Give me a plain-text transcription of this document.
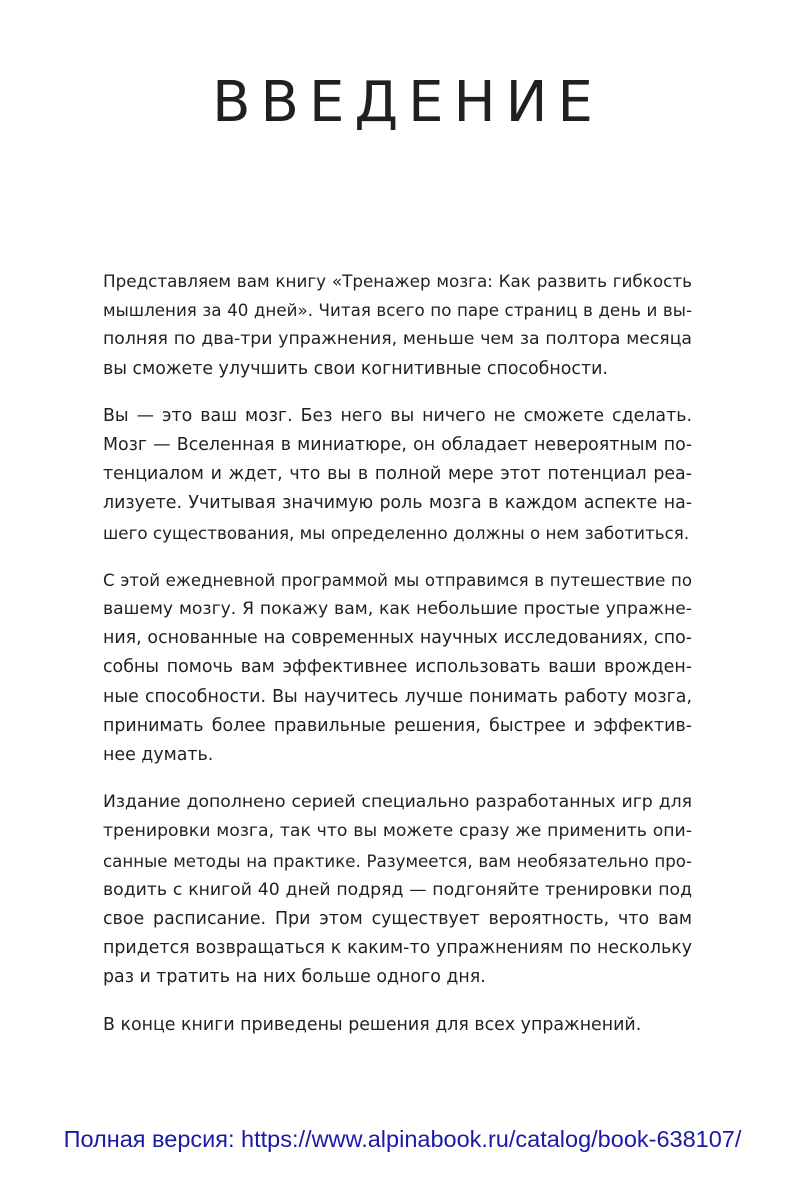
ВВЕДЕНИЕ

Представляем вам книгу «Тренажер мозга: Как развить гибкость
мышления за 40 дней». Читая всего по паре страниц в день и вы-
полняя по два-три упражнения, меньше чем за полтора месяца
вы сможете улучшить свои когнитивные способности.

Вы — это ваш мозг. Без него вы ничего не сможете сделать.
Мозг — Вселенная в миниатюре, он обладает невероятным по-
тенциалом и ждет, что вы в полной мере этот потенциал реа-
лизуете. Учитывая значимую роль мозга в каждом аспекте на-
шего существования, мы определенно должны о нем заботиться.

С этой ежедневной программой мы отправимся в путешествие по
вашему мозгу. Я покажу вам, как небольшие простые упражне-
ния, основанные на современных научных исследованиях, спо-
собны помочь вам эффективнее использовать ваши врожден-
ные способности. Вы научитесь лучше понимать работу мозга,
принимать более правильные решения, быстрее и эффектив-
нее думать.

Издание дополнено серией специально разработанных игр для
тренировки мозга, так что вы можете сразу же применить опи-
санные методы на практике. Разумеется, вам необязательно про-
водить с книгой 40 дней подряд — подгоняйте тренировки под
свое расписание. При этом существует вероятность, что вам
придется возвращаться к каким-то упражнениям по нескольку
раз и тратить на них больше одного дня.

В конце книги приведены решения для всех упражнений.

Полная версия: https://www.alpinabook.ru/catalog/book-638107/
